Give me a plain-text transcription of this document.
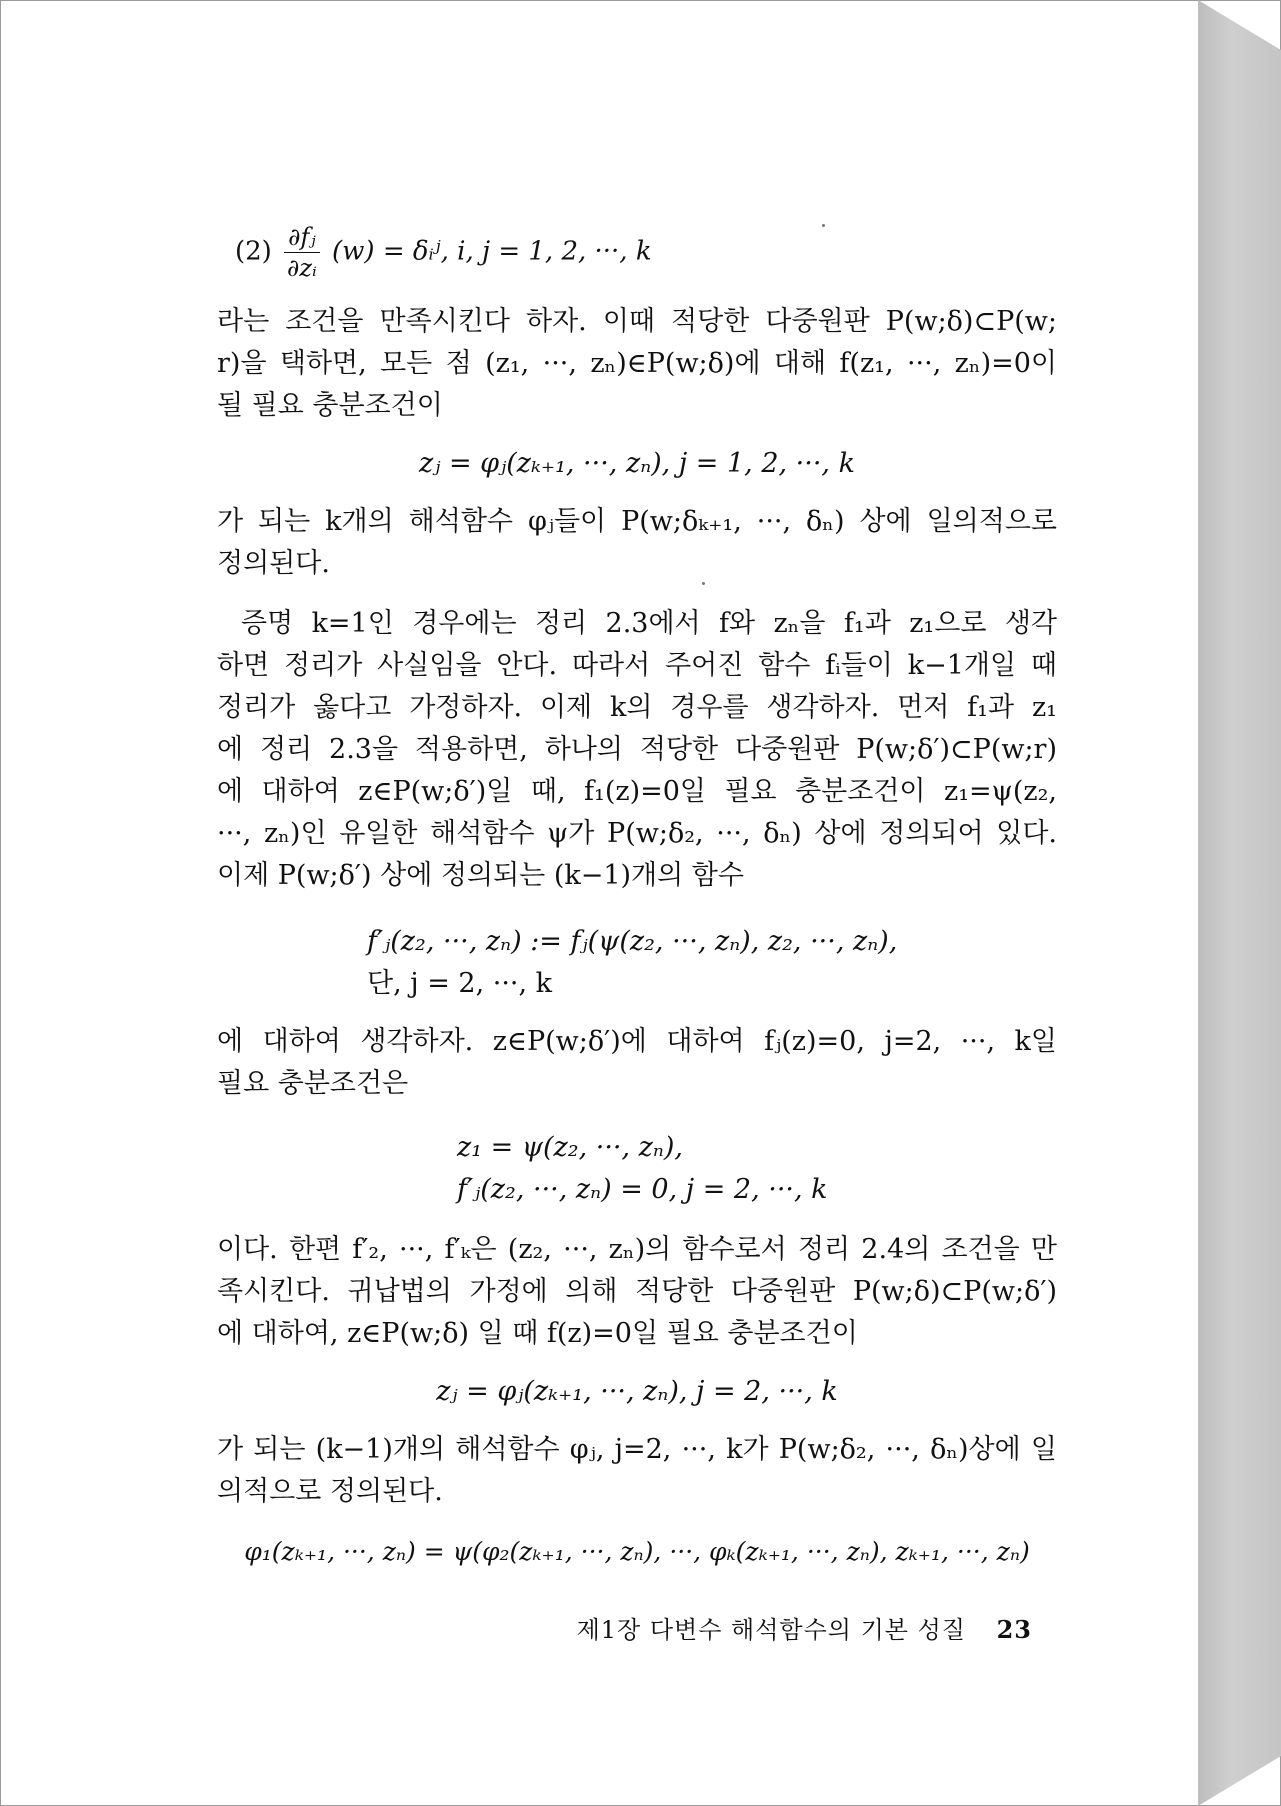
$(2) \frac{\text{∂fⱼ}}{\text{∂zᵢ}} (w)$ = δᵢʲ, i, j = 1, 2, ···, k
라는 조건을 만족시킨다 하자. 이때 적당한 다중원판 P(w;δ)⊂P(w;
r)을 택하면, 모든 점 (z₁, ···, zₙ)∈P(w;δ)에 대해 f(z₁, ···, zₙ)=0이
될 필요 충분조건이
zⱼ = φⱼ(zₖ₊₁, ···, zₙ), j = 1, 2, ···, k
가 되는 k개의 해석함수 φⱼ들이 P(w;δₖ₊₁, ···, δₙ) 상에 일의적으로
정의된다.
증명 k=1인 경우에는 정리 2.3에서 f와 zₙ을 f₁과 z₁으로 생각
하면 정리가 사실임을 안다. 따라서 주어진 함수 fᵢ들이 k−1개일 때
정리가 옳다고 가정하자. 이제 k의 경우를 생각하자. 먼저 f₁과 z₁
에 정리 2.3을 적용하면, 하나의 적당한 다중원판 P(w;δ′)⊂P(w;r)
에 대하여 z∈P(w;δ′)일 때, f₁(z)=0일 필요 충분조건이 z₁=ψ(z₂,
···, zₙ)인 유일한 해석함수 ψ가 P(w;δ₂, ···, δₙ) 상에 정의되어 있다.
이제 P(w;δ′) 상에 정의되는 (k−1)개의 함수
f′ⱼ(z₂, ···, zₙ) := fⱼ(ψ(z₂, ···, zₙ), z₂, ···, zₙ),
단, j = 2, ···, k
에 대하여 생각하자. z∈P(w;δ′)에 대하여 fⱼ(z)=0, j=2, ···, k일
필요 충분조건은
z₁ = ψ(z₂, ···, zₙ),
f′ⱼ(z₂, ···, zₙ) = 0, j = 2, ···, k
이다. 한편 f′₂, ···, f′ₖ은 (z₂, ···, zₙ)의 함수로서 정리 2.4의 조건을 만
족시킨다. 귀납법의 가정에 의해 적당한 다중원판 P(w;δ)⊂P(w;δ′)
에 대하여, z∈P(w;δ) 일 때 f(z)=0일 필요 충분조건이
zⱼ = φⱼ(zₖ₊₁, ···, zₙ), j = 2, ···, k
가 되는 (k−1)개의 해석함수 φⱼ, j=2, ···, k가 P(w;δ₂, ···, δₙ)상에 일
의적으로 정의된다.
φ₁(zₖ₊₁, ···, zₙ) = ψ(φ₂(zₖ₊₁, ···, zₙ), ···, φₖ(zₖ₊₁, ···, zₙ), zₖ₊₁, ···, zₙ)
제1장 다변수 해석함수의 기본 성질 23
